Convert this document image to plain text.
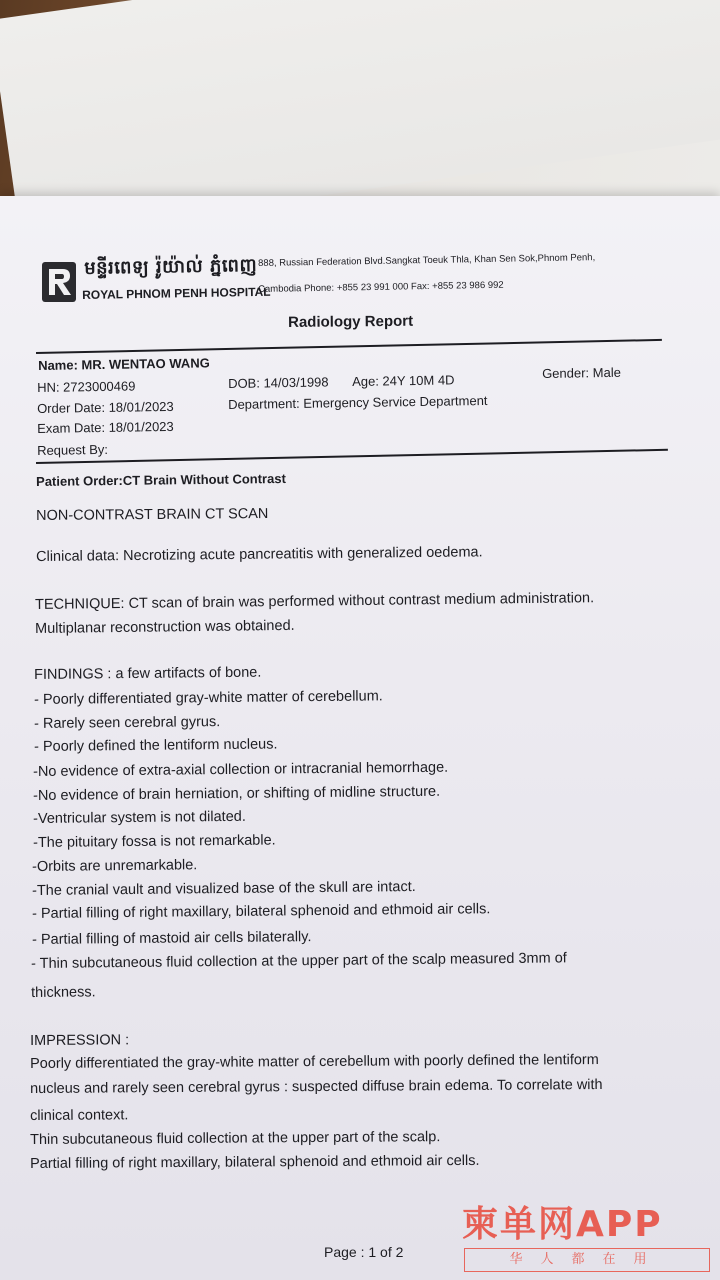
មន្ទីរពេទ្យ រ៉ូយ៉ាល់ ភ្នំពេញ 888, Russian Federation Blvd.Sangkat Toeuk Thla, Khan Sen Sok,Phnom Penh,
ROYAL PHNOM PENH HOSPITAL
Cambodia Phone: +855 23 991 000 Fax: +855 23 986 992
Radiology Report
Name: MR. WENTAO WANG
HN: 2723000469	DOB: 14/03/1998 Age: 24Y 10M 4D	Gender: Male
Order Date: 18/01/2023	Department: Emergency Service Department
Exam Date: 18/01/2023
Request By:
Patient Order:CT Brain Without Contrast
NON-CONTRAST BRAIN CT SCAN
Clinical data: Necrotizing acute pancreatitis with generalized oedema.
TECHNIQUE: CT scan of brain was performed without contrast medium administration.
Multiplanar reconstruction was obtained.
FINDINGS : a few artifacts of bone.
- Poorly differentiated gray-white matter of cerebellum.
- Rarely seen cerebral gyrus.
- Poorly defined the lentiform nucleus.
-No evidence of extra-axial collection or intracranial hemorrhage.
-No evidence of brain herniation, or shifting of midline structure.
-Ventricular system is not dilated.
-The pituitary fossa is not remarkable.
-Orbits are unremarkable.
-The cranial vault and visualized base of the skull are intact.
- Partial filling of right maxillary, bilateral sphenoid and ethmoid air cells.
- Partial filling of mastoid air cells bilaterally.
- Thin subcutaneous fluid collection at the upper part of the scalp measured 3mm of
thickness.
IMPRESSION :
Poorly differentiated the gray-white matter of cerebellum with poorly defined the lentiform
nucleus and rarely seen cerebral gyrus : suspected diffuse brain edema. To correlate with
clinical context.
Thin subcutaneous fluid collection at the upper part of the scalp.
Partial filling of right maxillary, bilateral sphenoid and ethmoid air cells.
Page : 1 of 2
柬单网APP
华人都在用
